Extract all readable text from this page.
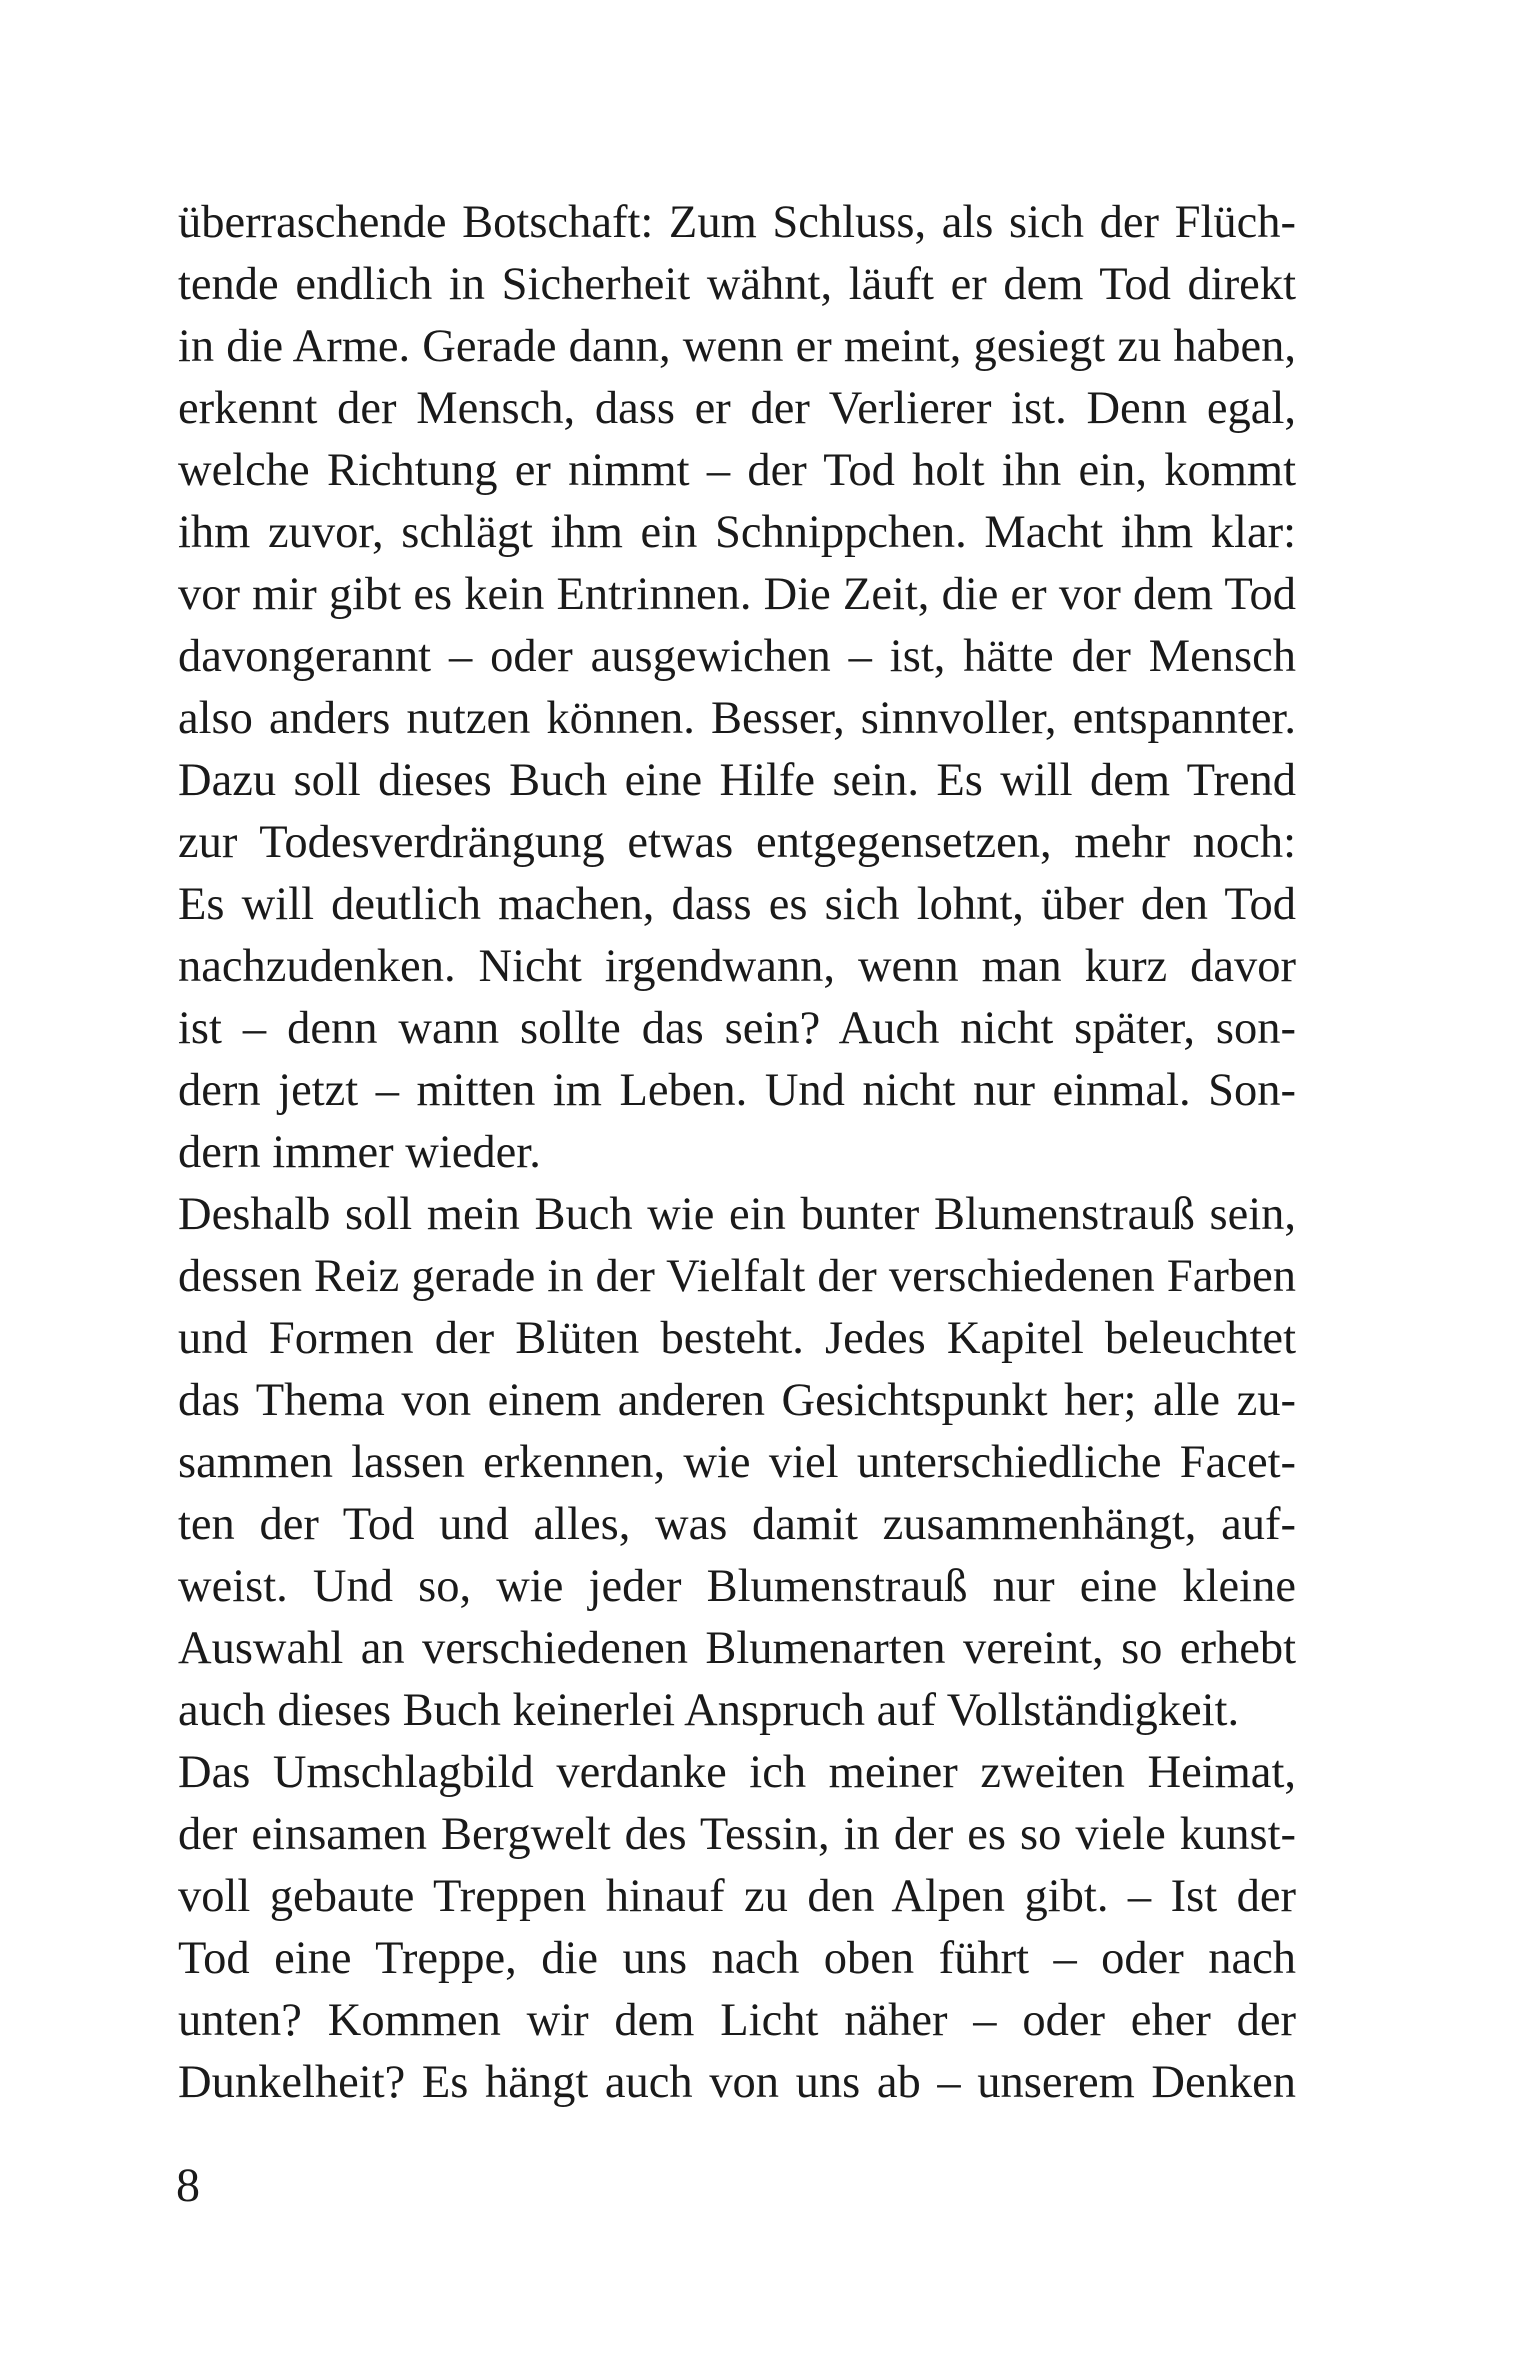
überraschende Botschaft: Zum Schluss, als sich der Flüch-
tende endlich in Sicherheit wähnt, läuft er dem Tod direkt
in die Arme. Gerade dann, wenn er meint, gesiegt zu haben,
erkennt der Mensch, dass er der Verlierer ist. Denn egal,
welche Richtung er nimmt – der Tod holt ihn ein, kommt
ihm zuvor, schlägt ihm ein Schnippchen. Macht ihm klar:
vor mir gibt es kein Entrinnen. Die Zeit, die er vor dem Tod
davongerannt – oder ausgewichen – ist, hätte der Mensch
also anders nutzen können. Besser, sinnvoller, entspannter.
Dazu soll dieses Buch eine Hilfe sein. Es will dem Trend
zur Todesverdrängung etwas entgegensetzen, mehr noch:
Es will deutlich machen, dass es sich lohnt, über den Tod
nachzudenken. Nicht irgendwann, wenn man kurz davor
ist – denn wann sollte das sein? Auch nicht später, son-
dern jetzt – mitten im Leben. Und nicht nur einmal. Son-
dern immer wieder.
Deshalb soll mein Buch wie ein bunter Blumenstrauß sein,
dessen Reiz gerade in der Vielfalt der verschiedenen Farben
und Formen der Blüten besteht. Jedes Kapitel beleuchtet
das Thema von einem anderen Gesichtspunkt her; alle zu-
sammen lassen erkennen, wie viel unterschiedliche Facet-
ten der Tod und alles, was damit zusammenhängt, auf-
weist. Und so, wie jeder Blumenstrauß nur eine kleine
Auswahl an verschiedenen Blumenarten vereint, so erhebt
auch dieses Buch keinerlei Anspruch auf Vollständigkeit.
Das Umschlagbild verdanke ich meiner zweiten Heimat,
der einsamen Bergwelt des Tessin, in der es so viele kunst-
voll gebaute Treppen hinauf zu den Alpen gibt. – Ist der
Tod eine Treppe, die uns nach oben führt – oder nach
unten? Kommen wir dem Licht näher – oder eher der
Dunkelheit? Es hängt auch von uns ab – unserem Denken
8
